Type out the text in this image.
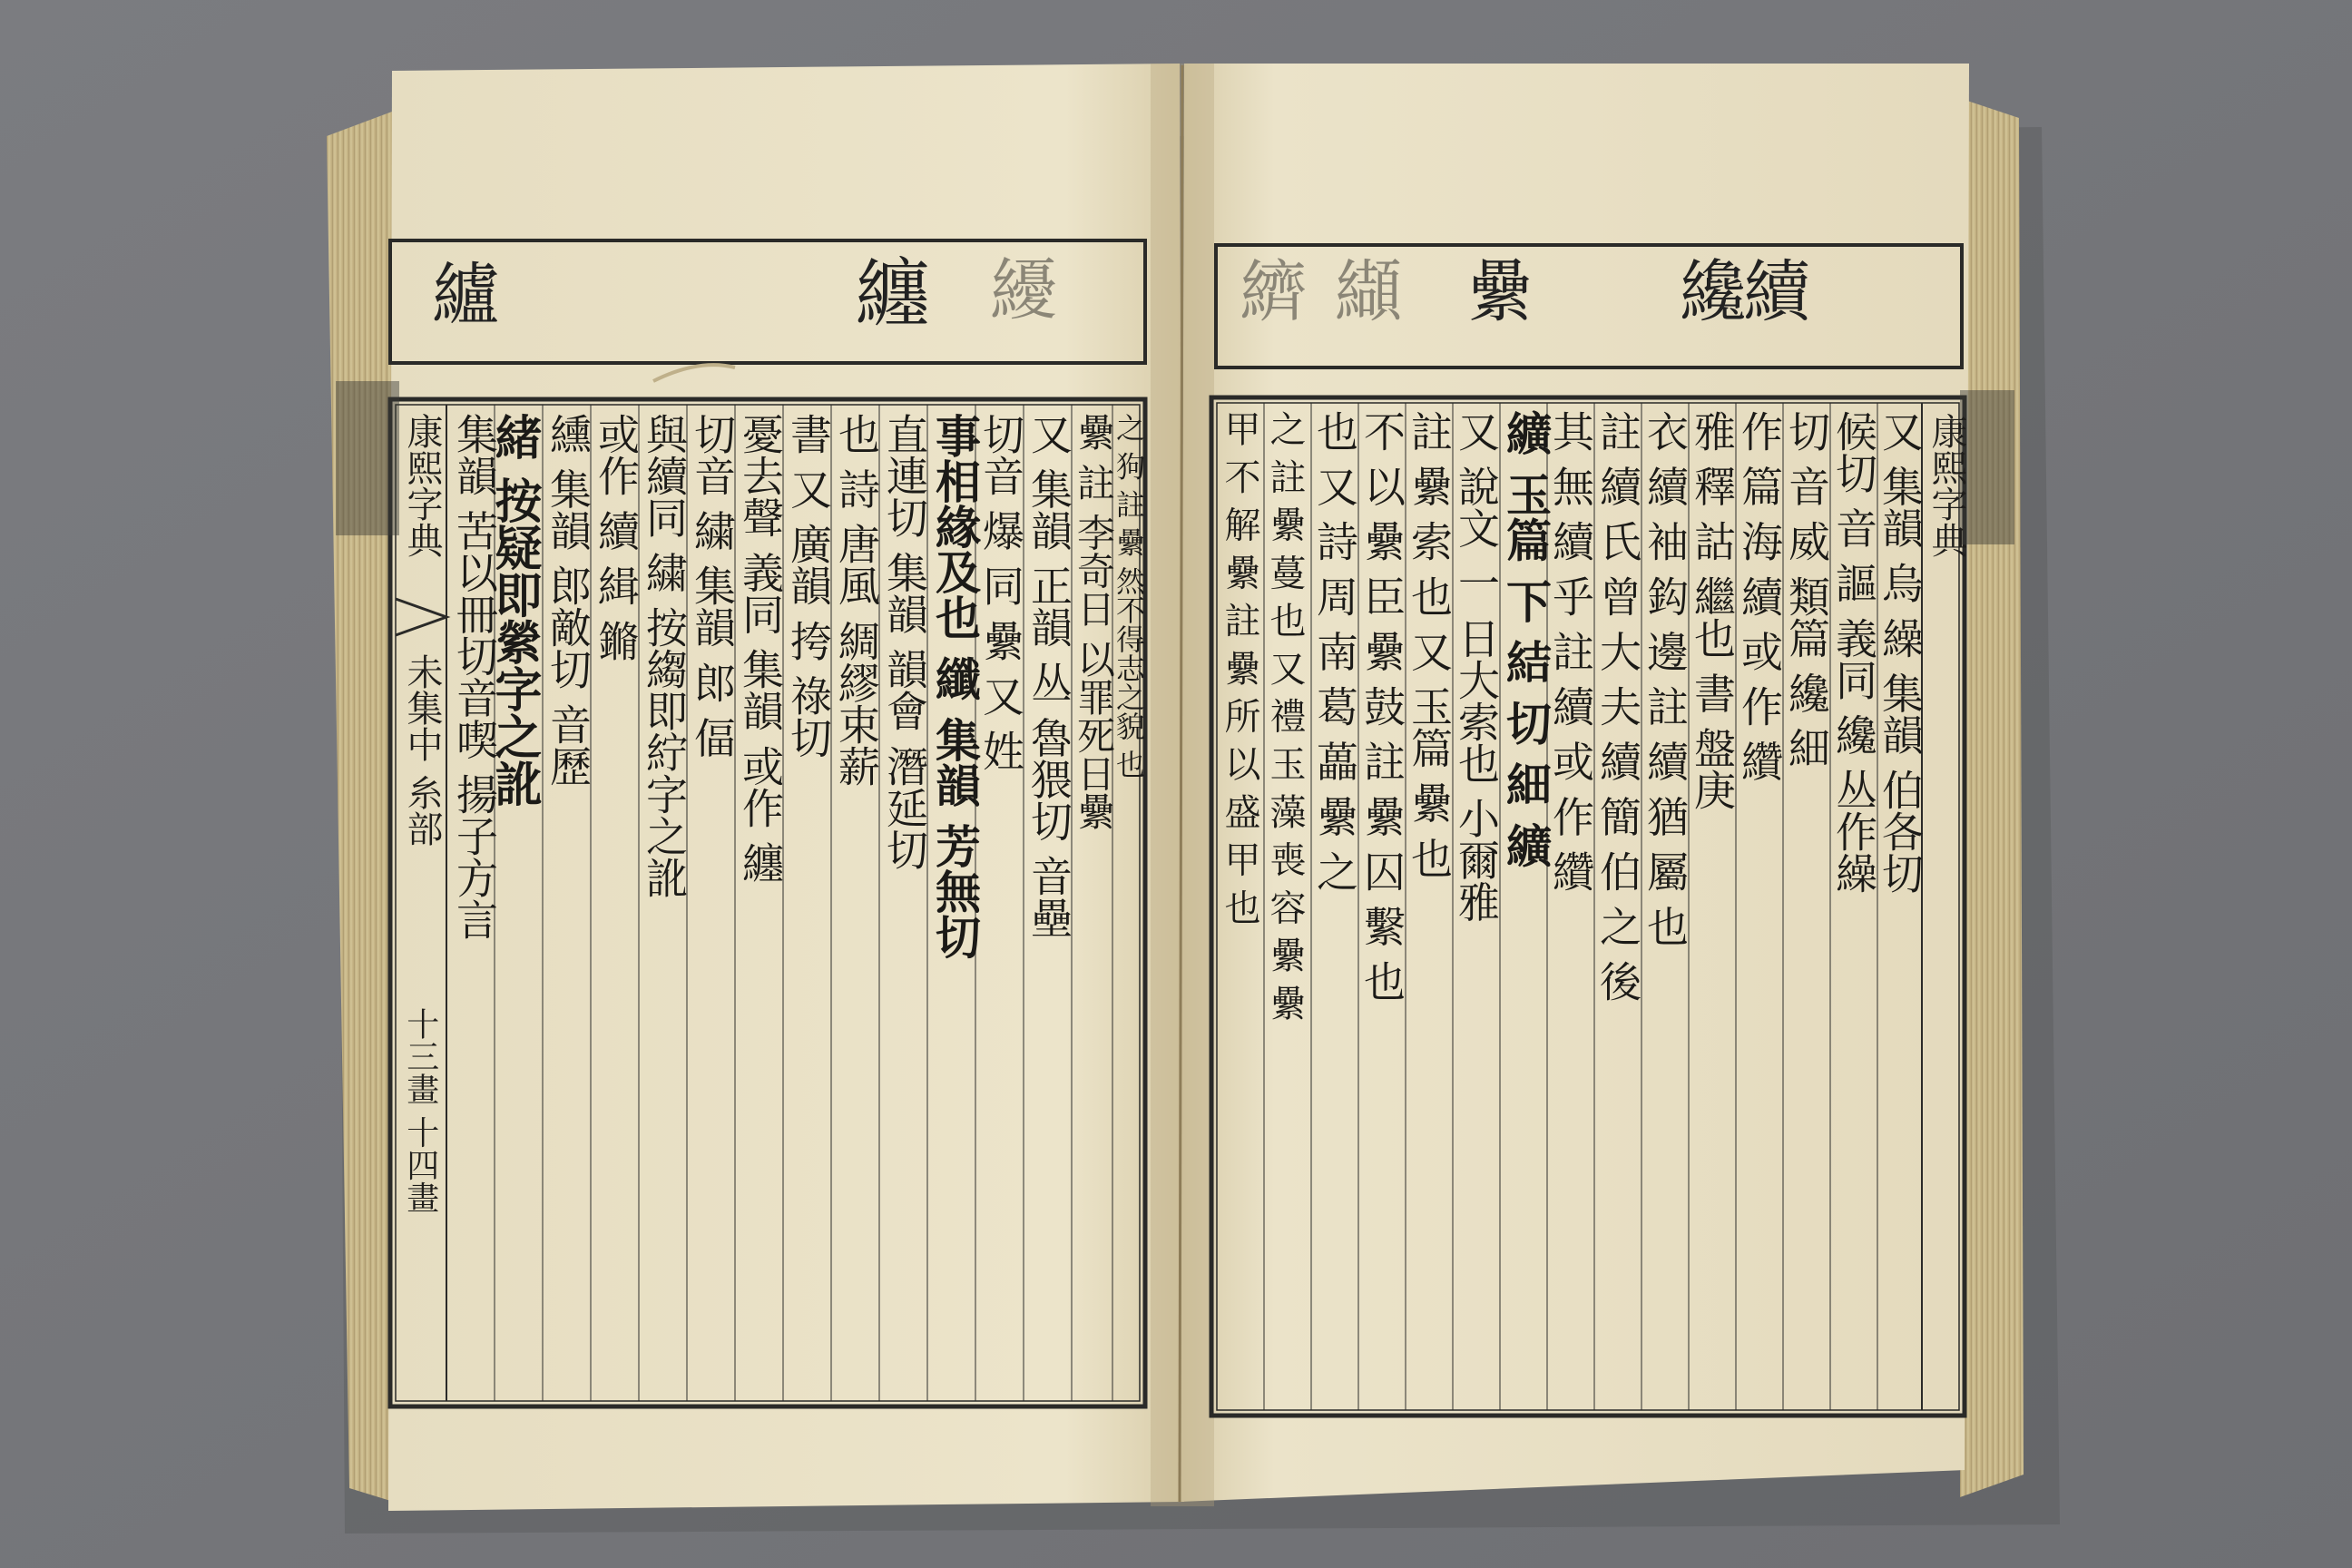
纑	纏 纋	續
纔
纍
纈
纃
康熙字典
未集中 糸部
十三畫 十四畫
康熙字典
集韻 苦以冊切音喫 揚子方言
緒 按疑即縈字之訛 纁 集韻 郎敵切 音歷 或作 續 緝 鏅 與續同 繍 按縐即紵字之訛 切音 繍 集韻 郎 偪 憂去聲 義同 集韻 或作 纏 書 又 廣韻 挎 祿切 也 詩 唐風 綢繆束薪 直連切 集韻 韻會 潛延切 事相緣及也 纖 集韻 芳無切
切音 爆 同 纍 又 姓 又 集韻 正韻 丛 魯猥切 音壘
纍 註 李奇日 以罪死日纍
之 狗 註 纍 然不得志之貌 也	又 集韻 烏 繰 集韻 伯各切
候切 音 謳 義同 纔 丛作繰
切 音 威 類篇 纔 細
作 篇 海 續 或 作 纘
雅 釋 詁 繼也 書 盤庚
衣 續 袖 鈎 邊 註 續 猶 屬 也
註 續 氏 曾 大 夫 續 簡 伯 之 後
其 無 續 乎 註 續 或 作 纘
纊 玉篇 下 結 切 細 纊
又 說文 一 日大索也 小爾雅
註 纍 索 也 又 玉篇 纍 也
不 以 纍 臣 纍 鼓 註 纍 囚 繫 也
也 又 詩 周 南 葛 藟 纍 之
之 註 纍 蔓 也 又 禮 玉 藻 喪 容 纍 纍
甲 不 解 纍 註 纍 所 以 盛 甲 也
